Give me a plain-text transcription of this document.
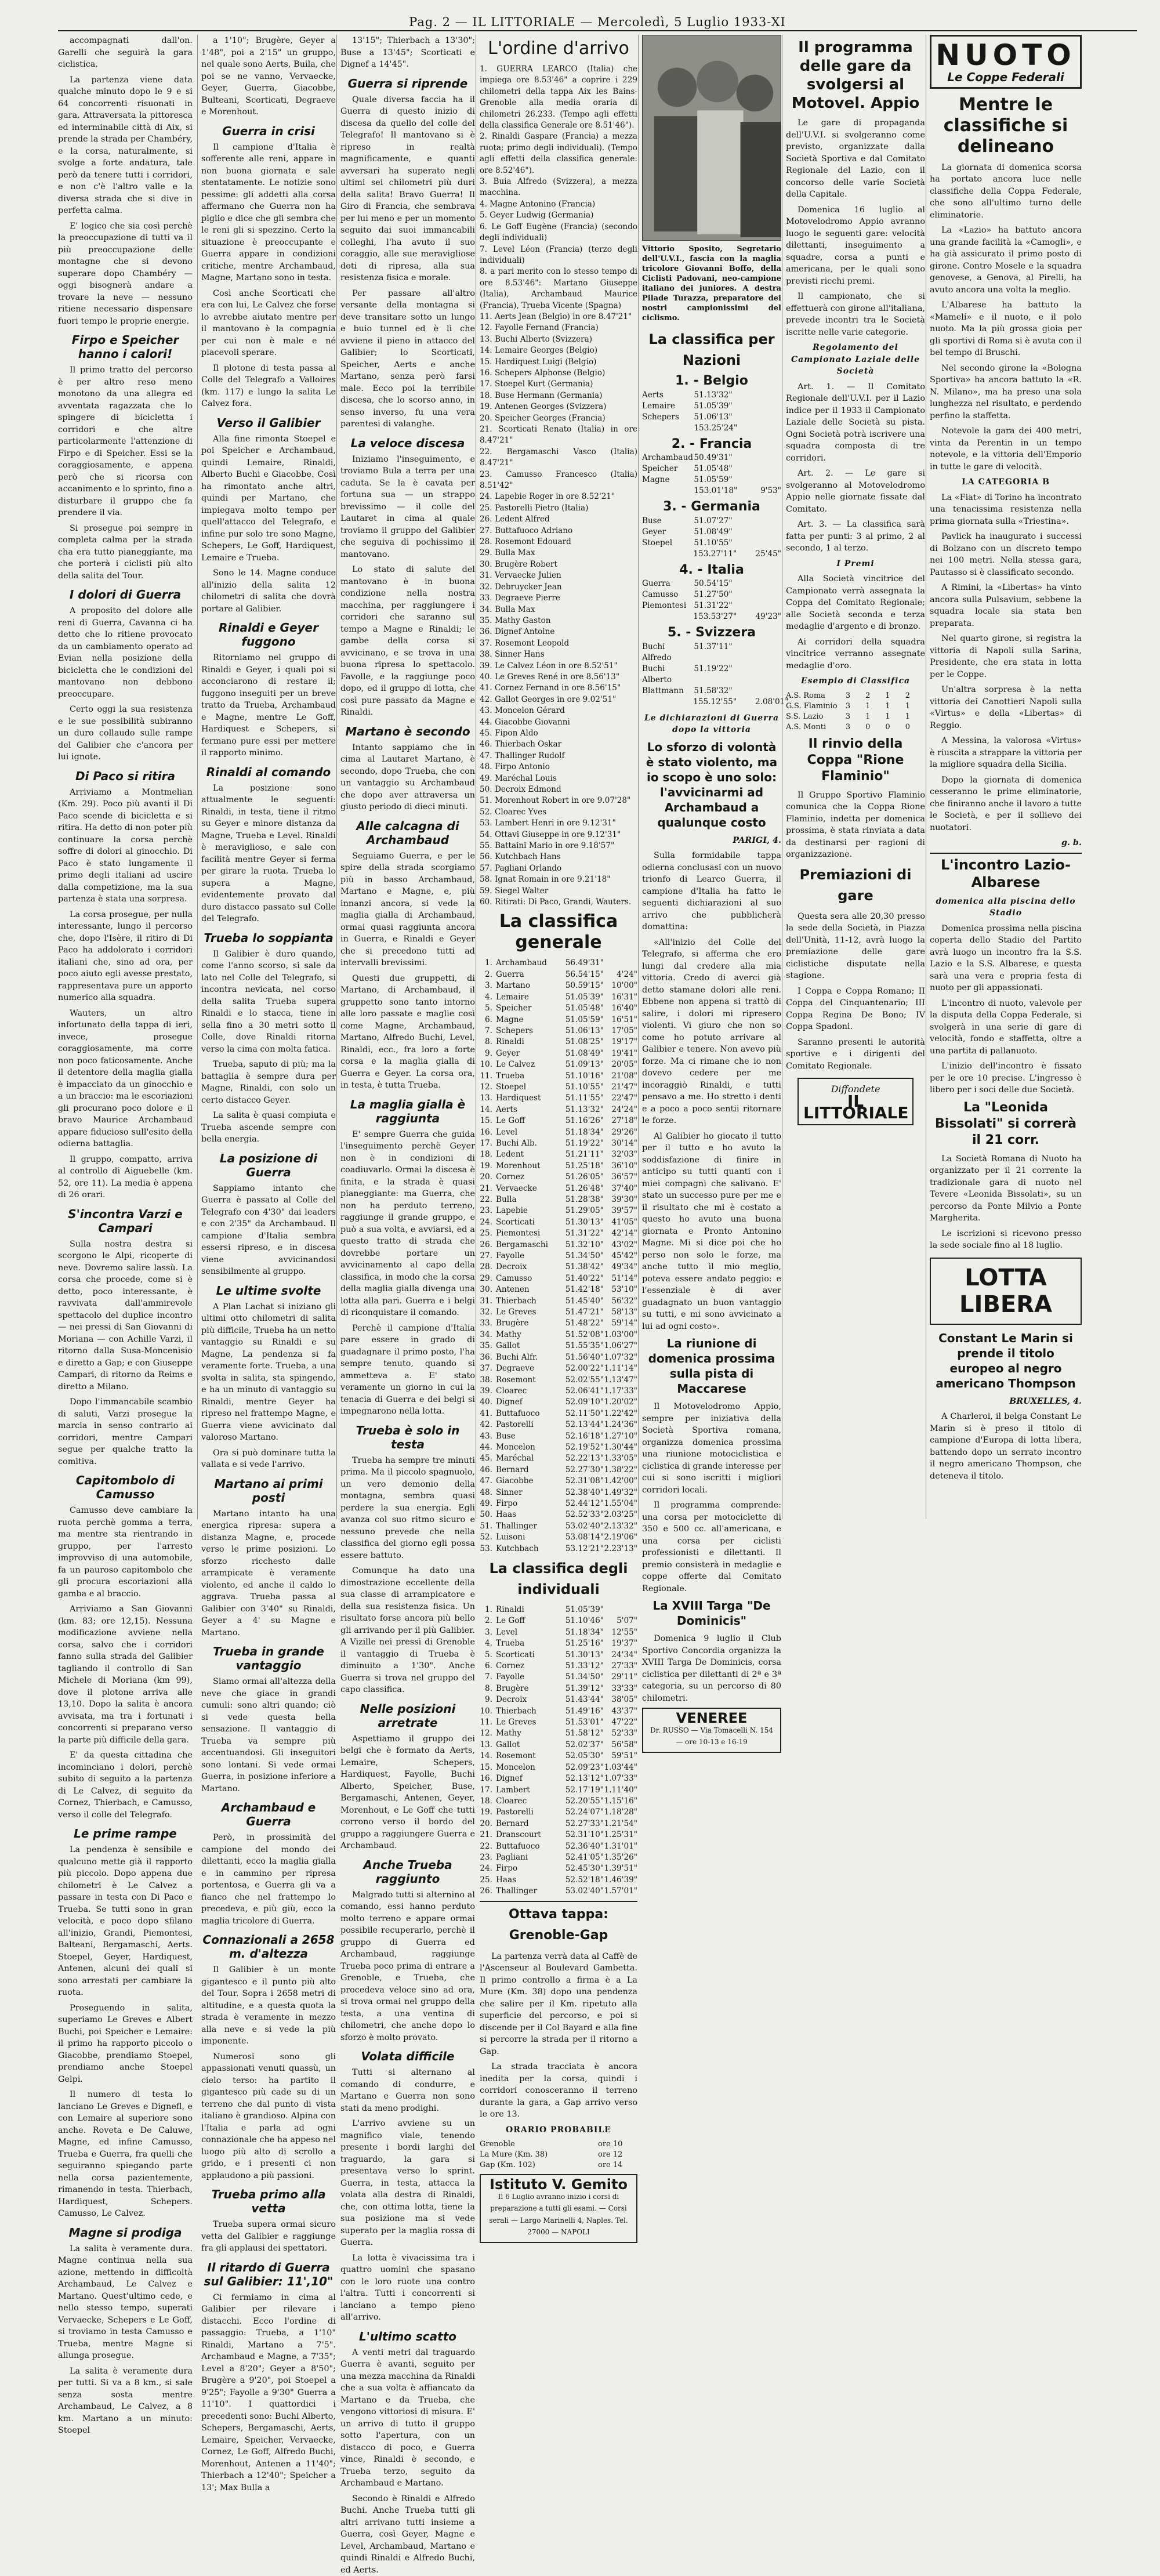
Pag. 2 — IL LITTORIALE — Mercoledì, 5 Luglio 1933-XI

accompagnati dall'on. Garelli che seguirà la gara ciclistica.

La partenza viene data qualche minuto dopo le 9 e si 64 concorrenti risuonati in gara. Attraversata la pittoresca ed interminabile città di Aix, si prende la strada per Chambéry, e la corsa, naturalmente, si svolge a forte andatura, tale però da tenere tutti i corridori, e non c'è l'altro valle e la diversa strada che si dive in perfetta calma.

E' logico che sia così perchè la preoccupazione di tutti va il più preoccupazione delle montagne che si devono superare dopo Chambéry — oggi bisognerà andare a trovare la neve — nessuno ritiene necessario dispensare fuori tempo le proprie energie.

Firpo e Speicher hanno i calori!

Il primo tratto del percorso è per altro reso meno monotono da una allegra ed avventata ragazzata che lo spingere di bicicletta i corridori e che altre particolarmente l'attenzione di Firpo e di Speicher. Essi se la coraggiosamente, e appena però che si ricorsa con accanimento e lo sprinto, fino a disturbare il gruppo che fa prendere il via.

Si prosegue poi sempre in completa calma per la strada cha era tutto pianeggiante, ma che porterà i ciclisti più alto della salita del Tour.

I dolori di Guerra

A proposito del dolore alle reni di Guerra, Cavanna ci ha detto che lo ritiene provocato da un cambiamento operato ad Evian nella posizione della bicicletta che le condizioni del mantovano non debbono preoccupare.

Certo oggi la sua resistenza e le sue possibilità subiranno un duro collaudo sulle rampe del Galibier che c'ancora per lui ignote.

Di Paco si ritira

Arriviamo a Montmelian (Km. 29). Poco più avanti il Di Paco scende di bicicletta e si ritira. Ha detto di non poter più continuare la corsa perchè soffre di dolori al ginocchio. Di Paco è stato lungamente il primo degli italiani ad uscire dalla competizione, ma la sua partenza è stata una sorpresa.

La corsa prosegue, per nulla interessante, lungo il percorso che, dopo l'Isère, il ritiro di Di Paco ha addolorato i corridori italiani che, sino ad ora, per poco aiuto egli avesse prestato, rappresentava pure un apporto numerico alla squadra.

Wauters, un altro infortunato della tappa di ieri, invece, prosegue coraggiosamente, ma corre non poco faticosamente. Anche il detentore della maglia gialla è impacciato da un ginocchio e a un braccio: ma le escoriazioni gli procurano poco dolore e il bravo Maurice Archambaud appare fiducioso sull'esito della odierna battaglia.

Il gruppo, compatto, arriva al controllo di Aiguebelle (km. 52, ore 11). La media è appena di 26 orari.

S'incontra Varzi e Campari

Sulla nostra destra si scorgono le Alpi, ricoperte di neve. Dovremo salire lassù. La corsa che procede, come si è detto, poco interessante, è ravvivata dall'ammirevole spettacolo del duplice incontro — nei pressi di San Giovanni di Moriana — con Achille Varzi, il ritorno dalla Susa-Moncenisio e diretto a Gap; e con Giuseppe Campari, di ritorno da Reims e diretto a Milano.

Dopo l'immancabile scambio di saluti, Varzi prosegue la marcia in senso contrario ai corridori, mentre Campari segue per qualche tratto la comitiva.

Capitombolo di Camusso

Camusso deve cambiare la ruota perchè gomma a terra, ma mentre sta rientrando in gruppo, per l'arresto improvviso di una automobile, fa un pauroso capitombolo che gli procura escoriazioni alla gamba e al braccio.

Arriviamo a San Giovanni (km. 83; ore 12,15). Nessuna modificazione avviene nella corsa, salvo che i corridori fanno sulla strada del Galibier tagliando il controllo di San Michele di Moriana (km 99), dove il plotone arriva alle 13,10. Dopo la salita è ancora avvisata, ma tra i fortunati i concorrenti si preparano verso la parte più difficile della gara.

E' da questa cittadina che incominciano i dolori, perchè subito di seguito a la partenza di Le Calvez, di seguito da Cornez, Thierbach, e Camusso, verso il colle del Telegrafo.

Le prime rampe

La pendenza è sensibile e qualcuno mette già il rapporto più piccolo. Dopo appena due chilometri è Le Calvez a passare in testa con Di Paco e Trueba. Se tutti sono in gran velocità, e poco dopo sfilano all'inizio, Grandi, Piemontesi, Balteani, Bergamaschi, Aerts. Stoepel, Geyer, Hardiquest, Antenen, alcuni dei quali si sono arrestati per cambiare la ruota.

Proseguendo in salita, superiamo Le Greves e Albert Buchi, poi Speicher e Lemaire: il primo ha rapporto piccolo o Giacobbe, prendiamo Stoepel, prendiamo anche Stoepel Gelpi.

Il numero di testa lo lanciano Le Greves e Dignefl, e con Lemaire al superiore sono anche. Roveta e De Caluwe, Magne, ed infine Camusso, Trueba e Guerra, fra quelli che seguiranno spiegando parte nella corsa pazientemente, rimanendo in testa. Thierbach, Hardiquest, Schepers. Camusso, Le Calvez.

Magne si prodiga

La salita è veramente dura. Magne continua nella sua azione, mettendo in difficoltà Archambaud, Le Calvez e Martano. Quest'ultimo cede, e nello stesso tempo, superati Vervaecke, Schepers e Le Goff, si troviamo in testa Camusso e Trueba, mentre Magne si allunga prosegue.

La salita è veramente dura per tutti. Si va a 8 km., si sale senza sosta mentre Archambaud, Le Calvez, a 8 km. Martano a un minuto: Stoepel

a 1'10"; Brugère, Geyer a 1'48", poi a 2'15" un gruppo, nel quale sono Aerts, Buila, che poi se ne vanno, Vervaecke, Geyer, Guerra, Giacobbe, Bulteani, Scorticati, Degraeve e Morenhout.

Guerra in crisi

Il campione d'Italia è sofferente alle reni, appare in non buona giornata e sale stentatamente. Le notizie sono pessime: gli addetti alla corsa affermano che Guerra non ha piglio e dice che gli sembra che le reni gli si spezzino. Certo la situazione è preoccupante e Guerra appare in condizioni critiche, mentre Archambaud, Magne, Martano sono in testa.

Così anche Scorticati che era con lui, Le Calvez che forse lo avrebbe aiutato mentre per il mantovano è la compagnia per cui non è male e né piacevoli sperare.

Il plotone di testa passa al Colle del Telegrafo a Valloires (km. 117) e lungo la salita Le Calvez fora.

Verso il Galibier

Alla fine rimonta Stoepel e poi Speicher e Archambaud, quindi Lemaire, Rinaldi, Alberto Buchi e Giacobbe. Così ha rimontato anche altri, quindi per Martano, che impiegava molto tempo per quell'attacco del Telegrafo, e infine pur solo tre sono Magne, Schepers, Le Goff, Hardiquest, Lemaire e Trueba.

Sono le 14. Magne conduce all'inizio della salita 12 chilometri di salita che dovrà portare al Galibier.

Rinaldi e Geyer fuggono

Ritorniamo nel gruppo di Rinaldi e Geyer, i quali poi si acconciarono di restare il; fuggono inseguiti per un breve tratto da Trueba, Archambaud e Magne, mentre Le Goff, Hardiquest e Schepers, si fermano pure essi per mettere il rapporto minimo.

Rinaldi al comando

La posizione sono attualmente le seguenti: Rinaldi, in testa, tiene il ritmo su Geyer e minore distanza da Magne, Trueba e Level. Rinaldi è meraviglioso, e sale con facilità mentre Geyer si ferma per girare la ruota. Trueba lo supera a Magne, evidentemente provato dal duro distacco passato sul Colle del Telegrafo.

Trueba lo soppianta

Il Galibier è duro quando, come l'anno scorso, si sale da lato nel Colle del Telegrafo, si incontra nevicata, nel corso della salita Trueba supera Rinaldi e lo stacca, tiene in sella fino a 30 metri sotto il Colle, dove Rinaldi ritorna verso la cima con molta fatica.

Trueba, saputo di più; ma la battaglia è sempre dura per Magne, Rinaldi, con solo un certo distacco Geyer.

La salita è quasi compiuta e Trueba ascende sempre con bella energia.

La posizione di Guerra

Sappiamo intanto che Guerra è passato al Colle del Telegrafo con 4'30" dai leaders e con 2'35" da Archambaud. Il campione d'Italia sembra essersi ripreso, e in discesa viene avvicinandosi sensibilmente al gruppo.

Le ultime svolte

A Plan Lachat si iniziano gli ultimi otto chilometri di salita più difficile, Trueba ha un netto vantaggio su Rinaldi e su Magne, La pendenza si fa veramente forte. Trueba, a una svolta in salita, sta spingendo, e ha un minuto di vantaggio su Rinaldi, mentre Geyer ha ripreso nel frattempo Magne, e Guerra viene avvicinato dal valoroso Martano.

Ora si può dominare tutta la vallata e si vede l'arrivo.

Martano ai primi posti

Martano intanto ha una energica ripresa: supera a distanza Magne, e, procede verso le prime posizioni. Lo sforzo ricchesto dalle arrampicate è veramente violento, ed anche il caldo lo aggrava. Trueba passa al Galibier con 3'40" su Rinaldi, Geyer a 4' su Magne e Martano.

Trueba in grande vantaggio

Siamo ormai all'altezza della neve che giace in grandi cumuli: sono altri quando; ciò si vede questa bella sensazione. Il vantaggio di Trueba va sempre più accentuandosi. Gli inseguitori sono lontani. Si vede ormai Guerra, in posizione inferiore a Martano.

Archambaud e Guerra

Però, in prossimità del campione del mondo dei dilettanti, ecco la maglia gialla e in cammino per ripresa portentosa, e Guerra gli va a fianco che nel frattempo lo precedeva, e più giù, ecco la maglia tricolore di Guerra.

Connazionali a 2658 m. d'altezza

Il Galibier è un monte gigantesco e il punto più alto del Tour. Sopra i 2658 metri di altitudine, e a questa quota la strada è veramente in mezzo alla neve e si vede la più imponente.

Numerosi sono gli appassionati venuti quassù, un cielo terso: ha partito il gigantesco più cade su di un terreno che dal punto di vista italiano è grandioso. Alpina con l'Italia e parla ad ogni connazionale che ha appeso nel luogo più alto di scrollo a grido, e i presenti ci non applaudono a più passioni.

Trueba primo alla vetta

Trueba supera ormai sicuro vetta del Galibier e raggiunge fra gli applausi dei spettatori.

Il ritardo di Guerra sul Galibier: 11',10"

Ci fermiamo in cima al Galibier per rilevare i distacchi. Ecco l'ordine di passaggio: Trueba, a 1'10" Rinaldi, Martano a 7'5". Archambaud e Magne, a 7'35"; Level a 8'20"; Geyer a 8'50"; Brugère a 9'20", poi Stoepel a 9'25"; Fayolle a 9'30" Guerra a 11'10". I quattordici i precedenti sono: Buchi Alberto, Schepers, Bergamaschi, Aerts, Lemaire, Speicher, Vervaecke, Cornez, Le Goff, Alfredo Buchi, Morenhout, Antenen a 11'40"; Thierbach a 12'40"; Speicher a 13'; Max Bulla a

13'15"; Thierbach a 13'30"; Buse a 13'45"; Scorticati e Dignef a 14'45".

Guerra si riprende

Quale diversa faccia ha il Guerra di questo inizio di discesa da quello del colle del Telegrafo! Il mantovano si è ripreso in realtà magnificamente, e quanti avversari ha superato negli ultimi sei chilometri più duri della salita! Bravo Guerra! Il Giro di Francia, che sembrava per lui meno e per un momento seguito dai suoi immancabili colleghi, l'ha avuto il suo coraggio, alle sue meravigliose doti di ripresa, alla sua resistenza fisica e morale.

Per passare all'altro versante della montagna si deve transitare sotto un lungo e buio tunnel ed è lì che avviene il pieno in attacco del Galibier; lo Scorticati, Speicher, Aerts e anche Martano, senza però farsi male. Ecco poi la terribile discesa, che lo scorso anno, in senso inverso, fu una vera parentesi di valanghe.

La veloce discesa

Iniziamo l'inseguimento, e troviamo Bula a terra per una caduta. Se la è cavata per fortuna sua — un strappo brevissimo — il colle del Lautaret in cima al quale troviamo il gruppo del Galibier che seguiva di pochissimo il mantovano.

Lo stato di salute del mantovano è in buona condizione nella nostra macchina, per raggiungere i corridori che saranno sul tempo a Magne e Rinaldi; le gambe della corsa si avvicinano, e se trova in una buona ripresa lo spettacolo. Favolle, e la raggiunge poco dopo, ed il gruppo di lotta, che così pure passato da Magne e Rinaldi.

Martano è secondo

Intanto sappiamo che in cima al Lautaret Martano, è secondo, dopo Trueba, che con un vantaggio su Archambaud che dopo aver attraversa un giusto periodo di dieci minuti.

Alle calcagna di Archambaud

Seguiamo Guerra, e per le spire della strada scorgiamo più in basso Archambaud, Martano e Magne, e, più innanzi ancora, si vede la maglia gialla di Archambaud, ormai quasi raggiunta ancora in Guerra, e Rinaldi e Geyer che si precedono tutti ad intervalli brevissimi.

Questi due gruppetti, di Martano, di Archambaud, il gruppetto sono tanto intorno alle loro passate e maglie così come Magne, Archambaud, Martano, Alfredo Buchi, Level, Rinaldi, ecc., fra loro a forte corsa e la maglia gialla di Guerra e Geyer. La corsa ora, in testa, è tutta Trueba.

La maglia gialla è raggiunta

E' sempre Guerra che guida l'inseguimento perchè Geyer non è in condizioni di coadiuvarlo. Ormai la discesa è finita, e la strada è quasi pianeggiante: ma Guerra, che non ha perduto terreno, raggiunge il grande gruppo, e può a sua volta, e avviarsi, ed a questo tratto di strada che dovrebbe portare un avvicinamento al capo della classifica, in modo che la corsa della maglia gialla divenga una lotta alla pari. Guerra e i belgi di riconquistare il comando.

Perchè il campione d'Italia pare essere in grado di guadagnare il primo posto, l'ha sempre tenuto, quando si ammetteva a. E' stato veramente un giorno in cui la tenacia di Guerra e dei belgi si impegnarono nella lotta.

Trueba è solo in testa

Trueba ha sempre tre minuti prima. Ma il piccolo spagnuolo, un vero demonio della montagna, sembra quasi perdere la sua energia. Egli avanza col suo ritmo sicuro e nessuno prevede che nella classifica del giorno egli possa essere battuto.

Comunque ha dato una dimostrazione eccellente della sua classe di arrampicatore e della sua resistenza fisica. Un risultato forse ancora più bello gli arrivando per il più Galibier. A Vizille nei pressi di Grenoble il vantaggio di Trueba è diminuito a 1'30". Anche Guerra si trova nel gruppo del capo classifica.

Nelle posizioni arretrate

Aspettiamo il gruppo dei belgi che è formato da Aerts, Lemaire, Schepers, Hardiquest, Fayolle, Buchi Alberto, Speicher, Buse, Bergamaschi, Antenen, Geyer, Morenhout, e Le Goff che tutti corrono verso il bordo del gruppo a raggiungere Guerra e Archambaud.

Anche Trueba raggiunto

Malgrado tutti si alternino al comando, essi hanno perduto molto terreno e appare ormai possibile recuperarlo, perchè il gruppo di Guerra ed Archambaud, raggiunge Trueba poco prima di entrare a Grenoble, e Trueba, che procedeva veloce sino ad ora, si trova ormai nel gruppo della testa, a una ventina di chilometri, che anche dopo lo sforzo è molto provato.

Volata difficile

Tutti si alternano al comando di condurre, e Martano e Guerra non sono stati da meno prodighi.

L'arrivo avviene su un magnifico viale, tenendo presente i bordi larghi del traguardo, la gara si presentava verso lo sprint. Guerra, in testa, attacca la volata alla destra di Rinaldi, che, con ottima lotta, tiene la sua posizione ma si vede superato per la maglia rossa di Guerra.

La lotta è vivacissima tra i quattro uomini che spasano con le loro ruote una contro l'altra. Tutti i concorrenti si lanciano a tempo pieno all'arrivo.

L'ultimo scatto

A venti metri dal traguardo Guerra è avanti, seguito per una mezza macchina da Rinaldi che a sua volta è affiancato da Martano e da Trueba, che vengono vittoriosi di misura. E' un arrivo di tutto il gruppo sotto l'apertura, con un distacco di poco, e Guerra vince, Rinaldi è secondo, e Trueba terzo, seguito da Archambaud e Martano.

Secondo è Rinaldi e Alfredo Buchi. Anche Trueba tutti gli altri arrivano tutti insieme a Guerra, così Geyer, Magne e Level, Archambaud, Martano e quindi Rinaldi e Alfredo Buchi, ed Aerts.

L'ordine d'arrivo
1. GUERRA LEARCO (Italia) che impiega ore 8.53'46" a coprire i 229 chilometri della tappa Aix les Bains-Grenoble alla media oraria di chilometri 26.233. (Tempo agli effetti della classifica Generale ore 8.51'46").
2. Rinaldi Gaspare (Francia) a mezza ruota; primo degli individuali). (Tempo agli effetti della classifica generale: ore 8.52'46").
3. Buia Alfredo (Svizzera), a mezza macchina.
4. Magne Antonino (Francia)
5. Geyer Ludwig (Germania)
6. Le Goff Eugène (Francia) (secondo degli individuali)
7. Level Léon (Francia) (terzo degli individuali)
8. a pari merito con lo stesso tempo di ore 8.53'46": Martano Giuseppe (Italia), Archambaud Maurice (Francia), Trueba Vicente (Spagna)
11. Aerts Jean (Belgio) in ore 8.47'21"
12. Fayolle Fernand (Francia)
13. Buchi Alberto (Svizzera)
14. Lemaire Georges (Belgio)
15. Hardiquest Luigi (Belgio)
16. Schepers Alphonse (Belgio)
17. Stoepel Kurt (Germania)
18. Buse Hermann (Germania)
19. Antenen Georges (Svizzera)
20. Speicher Georges (Francia)
21. Scorticati Renato (Italia) in ore 8.47'21"
22. Bergamaschi Vasco (Italia) 8.47'21"
23. Camusso Francesco (Italia) 8.51'42"
24. Lapebie Roger in ore 8.52'21"
25. Pastorelli Pietro (Italia)
26. Ledent Alfred
27. Buttafuoco Adriano
28. Rosemont Edouard
29. Bulla Max
30. Brugère Robert
31. Vervaecke Julien
32. Debruycker Jean
33. Degraeve Pierre
34. Bulla Max
35. Mathy Gaston
36. Dignef Antoine
37. Rosemont Leopold
38. Sinner Hans
39. Le Calvez Léon in ore 8.52'51"
40. Le Greves René in ore 8.56'13"
41. Cornez Fernand in ore 8.56'15"
42. Gallot Georges in ore 9.02'51"
43. Moncelon Gérard
44. Giacobbe Giovanni
45. Fipon Aldo
46. Thierbach Oskar
47. Thallinger Rudolf
48. Firpo Antonio
49. Maréchal Louis
50. Decroix Edmond
51. Morenhout Robert in ore 9.07'28"
52. Cloarec Yves
53. Lambert Henri in ore 9.12'31"
54. Ottavi Giuseppe in ore 9.12'31"
55. Battaini Mario in ore 9.18'57"
56. Kutchbach Hans
57. Pagliani Orlando
58. Ignat Romain in ore 9.21'18"
59. Siegel Walter
60. Ritirati: Di Paco, Grandi, Wauters.
La classifica generale
1. Archambaud	56.49'31"
2. Guerra	56.54'15"	4'24"
3. Martano	50.59'15" 10'00"
4. Lemaire	51.05'39" 16'31"
5. Speicher	51.05'48" 16'40"
6. Magne	51.05'59" 16'51"
7. Schepers	51.06'13" 17'05"
8. Rinaldi	51.08'25" 19'17"
9. Geyer	51.08'49" 19'41"
10. Le Calvez	51.09'13" 20'05"
11. Trueba	51.10'16" 21'08"
12. Stoepel	51.10'55" 21'47"
13. Hardiquest	51.11'55" 22'47"
14. Aerts	51.13'32" 24'24"
15. Le Goff	51.16'26" 27'18"
16. Level	51.18'34" 29'26"
17. Buchi Alb.	51.19'22" 30'14"
18. Ledent	51.21'11" 32'03"
19. Morenhout	51.25'18" 36'10"
20. Cornez	51.26'05" 36'57"
21. Vervaecke	51.26'48" 37'40"
22. Bulla	51.28'38" 39'30"
23. Lapebie	51.29'05" 39'57"
24. Scorticati	51.30'13" 41'05"
25. Piemontesi	51.31'22" 42'14"
26. Bergamaschi	51.32'10" 43'02"
27. Fayolle	51.34'50" 45'42"
28. Decroix	51.38'42" 49'34"
29. Camusso	51.40'22" 51'14"
30. Antenen	51.42'18" 53'10"
31. Thierbach	51.45'40" 56'32"
32. Le Greves	51.47'21" 58'13"
33. Brugère	51.48'22" 59'14"
34. Mathy	51.52'08" 1.03'00"
35. Gallot	51.55'35" 1.06'27"
36. Buchi Alfr.	51.56'40" 1.07'32"
37. Degraeve	52.00'22" 1.11'14"
38. Rosemont	52.02'55" 1.13'47"
39. Cloarec	52.06'41" 1.17'33"
40. Dignef	52.09'10" 1.20'02"
41. Buttafuoco	52.11'50" 1.22'42"
42. Pastorelli	52.13'44" 1.24'36"
43. Buse	52.16'18" 1.27'10"
44. Moncelon	52.19'52" 1.30'44"
45. Maréchal	52.22'13" 1.33'05"
46. Bernard	52.27'30" 1.38'22"
47. Giacobbe	52.31'08" 1.42'00"
48. Sinner	52.38'40" 1.49'32"
49. Firpo	52.44'12" 1.55'04"
50. Haas	52.52'33" 2.03'25"
51. Thallinger	53.02'40" 2.13'32"
52. Luisoni	53.08'14" 2.19'06"
53. Kutchbach	53.12'21" 2.23'13"
La classifica degli individuali
1. Rinaldi	51.05'39"
2. Le Goff	51.10'46"	5'07"
3. Level	51.18'34" 12'55"
4. Trueba	51.25'16" 19'37"
5. Scorticati	51.30'13" 24'34"
6. Cornez	51.33'12" 27'33"
7. Fayolle	51.34'50" 29'11"
8. Brugère	51.39'12" 33'33"
9. Decroix	51.43'44" 38'05"
10. Thierbach	51.49'16" 43'37"
11. Le Greves	51.53'01" 47'22"
12. Mathy	51.58'12" 52'33"
13. Gallot	52.02'37" 56'58"
14. Rosemont	52.05'30" 59'51"
15. Moncelon	52.09'23" 1.03'44"
16. Dignef	52.13'12" 1.07'33"
17. Lambert	52.17'19" 1.11'40"
18. Cloarec	52.20'55" 1.15'16"
19. Pastorelli	52.24'07" 1.18'28"
20. Bernard	52.27'33" 1.21'54"
21. Dranscourt	52.31'10" 1.25'31"
22. Buttafuoco	52.36'40" 1.31'01"
23. Pagliani	52.41'05" 1.35'26"
24. Firpo	52.45'30" 1.39'51"
25. Haas	52.52'18" 1.46'39"
26. Thallinger	53.02'40" 1.57'01"
Ottava tappa: Grenoble-Gap

La partenza verrà data al Caffè de l'Ascenseur al Boulevard Gambetta. Il primo controllo a firma è a La Mure (Km. 38) dopo una pendenza che salire per il Km. ripetuto alla superficie del percorso, e poi si discende per il Col Bayard e alla fine si percorre la strada per il ritorno a Gap.

La strada tracciata è ancora inedita per la corsa, quindi i corridori conosceranno il terreno durante la gara, a Gap arrivo verso le ore 13.

ORARIO PROBABILE
Grenoble	ore 10
La Mure (Km. 38)	ore 12
Gap (Km. 102)	ore 14
Istituto V. Gemito
Il 6 Luglio avranno inizio i corsi di preparazione a tutti gli esami. — Corsi serali — Largo Marinelli 4, Naples. Tel. 27000 — NAPOLI
Vittorio Sposito, Segretario dell'U.V.I., fascia con la maglia tricolore Giovanni Boffo, della Ciclisti Padovani, neo-campione italiano dei juniores. A destra Pilade Turazza, preparatore dei nostri campionissimi del ciclismo.
La classifica per Nazioni
1. - Belgio
Aerts	51.13'32"
Lemaire	51.05'39"
Schepers	51.06'13"
153.25'24"
2. - Francia
Archambaud 50.49'31"
Speicher	51.05'48"
Magne	51.05'59"
153.01'18"	9'53"
3. - Germania
Buse	51.07'27"
Geyer	51.08'49"
Stoepel	51.10'55"
153.27'11"	25'45"
4. - Italia
Guerra	50.54'15"
Camusso	51.27'50"
Piemontesi 51.31'22"
153.53'27"	49'23"
5. - Svizzera
Buchi Alfredo
51.37'11"
Buchi Alberto
51.19'22"
Blattmann	51.58'32"
155.12'55"	2.08'01"
Le dichiarazioni di Guerra dopo la vittoria
Lo sforzo di volontà è stato violento, ma io scopo è uno solo: l'avvicinarmi ad Archambaud a qualunque costo
PARIGI, 4.

Sulla formidabile tappa odierna conclusasi con un nuovo trionfo di Learco Guerra, il campione d'Italia ha fatto le seguenti dichiarazioni al suo arrivo che pubblicherà domattina:

«All'inizio del Colle del Telegrafo, si afferma che ero lungi dal credere alla mia vittoria. Credo di averci già detto stamane dolori alle reni. Ebbene non appena si trattò di salire, i dolori mi ripresero violenti. Vi giuro che non so come ho potuto arrivare al Galibier e tenere. Non avevo più forze. Ma ci rimane che io non dovevo cedere per me incoraggiò Rinaldi, e tutti pensavo a me. Ho stretto i denti e a poco a poco sentii ritornare le forze.

Al Galibier ho giocato il tutto per il tutto e ho avuto la soddisfazione di finire in anticipo su tutti quanti con i miei compagni che salivano. E' stato un successo pure per me e il risultato che mi è costato a questo ho avuto una buona giornata e Pronto Antonino Magne. Mi si dice poi che ho perso non solo le forze, ma anche tutto il mio meglio, poteva essere andato peggio: e l'essenziale è di aver guadagnato un buon vantaggio su tutti, e mi sono avvicinato a lui ad ogni costo».

La riunione di domenica prossima sulla pista di Maccarese

Il Motovelodromo Appio, sempre per iniziativa della Società Sportiva romana, organizza domenica prossima una riunione motociclistica e ciclistica di grande interesse per cui si sono iscritti i migliori corridori locali.

Il programma comprende: una corsa per motociclette di 350 e 500 cc. all'americana, e una corsa per ciclisti professionisti e dilettanti. Il premio consisterà in medaglie e coppe offerte dal Comitato Regionale.

La XVIII Targa "De Dominicis"

Domenica 9 luglio il Club Sportivo Concordia organizza la XVIII Targa De Dominicis, corsa ciclistica per dilettanti di 2ª e 3ª categoria, su un percorso di 80 chilometri.

VENEREE
Dr. RUSSO — Via Tomacelli N. 154 — ore 10-13 e 16-19
Il programma delle gare da svolgersi al Motovel. Appio

Le gare di propaganda dell'U.V.I. si svolgeranno come previsto, organizzate dalla Società Sportiva e dal Comitato Regionale del Lazio, con il concorso delle varie Società della Capitale.

Domenica 16 luglio al Motovelodromo Appio avranno luogo le seguenti gare: velocità dilettanti, inseguimento a squadre, corsa a punti e americana, per le quali sono previsti ricchi premi.

Il campionato, che si effettuerà con girone all'italiana, prevede incontri tra le Società iscritte nelle varie categorie.

Regolamento del Campionato Laziale delle Società

Art. 1. — Il Comitato Regionale dell'U.V.I. per il Lazio indice per il 1933 il Campionato Laziale delle Società su pista. Ogni Società potrà iscrivere una squadra composta di tre corridori.

Art. 2. — Le gare si svolgeranno al Motovelodromo Appio nelle giornate fissate dal Comitato.

Art. 3. — La classifica sarà fatta per punti: 3 al primo, 2 al secondo, 1 al terzo.

I Premi

Alla Società vincitrice del Campionato verrà assegnata la Coppa del Comitato Regionale; alle Società seconda e terza medaglie d'argento e di bronzo.

Ai corridori della squadra vincitrice verranno assegnate medaglie d'oro.

Esempio di Classifica
A.S. Roma	3	2	1	2
G.S. Flaminio	3	1	1	1
S.S. Lazio	3	1	1	1
A.S. Monti	3	0	0	0
Il rinvio della Coppa "Rione Flaminio"

Il Gruppo Sportivo Flaminio comunica che la Coppa Rione Flaminio, indetta per domenica prossima, è stata rinviata a data da destinarsi per ragioni di organizzazione.

Premiazioni di gare

Questa sera alle 20,30 presso la sede della Società, in Piazza dell'Unità, 11-12, avrà luogo la premiazione delle gare ciclistiche disputate nella stagione.

I Coppa e Coppa Romano; II Coppa del Cinquantenario; III Coppa Regina De Bono; IV Coppa Spadoni.

Saranno presenti le autorità sportive e i dirigenti del Comitato Regionale.

Diffondete
IL LITTORIALE
NUOTO
Le Coppe Federali
Mentre le classifiche si delineano

La giornata di domenica scorsa ha portato ancora luce nelle classifiche della Coppa Federale, che sono all'ultimo turno delle eliminatorie.

La «Lazio» ha battuto ancora una grande facilità la «Camogli», e ha già assicurato il primo posto di girone. Contro Mosele e la squadra genovese, a Genova, al Pirelli, ha avuto ancora una volta la meglio.

L'Albarese ha battuto la «Mamelí» e il nuoto, e il polo nuoto. Ma la più grossa gioia per gli sportivi di Roma si è avuta con il bel tempo di Bruschi.

Nel secondo girone la «Bologna Sportiva» ha ancora battuto la «R. N. Milano», ma ha preso una sola lunghezza nel risultato, e perdendo perfino la staffetta.

Notevole la gara dei 400 metri, vinta da Perentin in un tempo notevole, e la vittoria dell'Emporio in tutte le gare di velocità.

LA CATEGORIA B

La «Fiat» di Torino ha incontrato una tenacissima resistenza nella prima giornata sulla «Triestina».

Pavlick ha inaugurato i successi di Bolzano con un discreto tempo nei 100 metri. Nella stessa gara, Pautasso si è classificato secondo.

A Rimini, la «Libertas» ha vinto ancora sulla Pulsavium, sebbene la squadra locale sia stata ben preparata.

Nel quarto girone, si registra la vittoria di Napoli sulla Sarina, Presidente, che era stata in lotta per le Coppe.

Un'altra sorpresa è la netta vittoria dei Canottieri Napoli sulla «Virtus» e della «Libertas» di Reggio.

A Messina, la valorosa «Virtus» è riuscita a strappare la vittoria per la migliore squadra della Sicilia.

Dopo la giornata di domenica cesseranno le prime eliminatorie, che finiranno anche il lavoro a tutte le Società, e per il sollievo dei nuotatori.

g. b.
L'incontro Lazio-Albarese
domenica alla piscina dello Stadio

Domenica prossima nella piscina coperta dello Stadio del Partito avrà luogo un incontro fra la S.S. Lazio e la S.S. Albarese, e questa sarà una vera e propria festa di nuoto per gli appassionati.

L'incontro di nuoto, valevole per la disputa della Coppa Federale, si svolgerà in una serie di gare di velocità, fondo e staffetta, oltre a una partita di pallanuoto.

L'inizio dell'incontro è fissato per le ore 10 precise. L'ingresso è libero per i soci delle due Società.

La "Leonida Bissolati" si correrà il 21 corr.

La Società Romana di Nuoto ha organizzato per il 21 corrente la tradizionale gara di nuoto nel Tevere «Leonida Bissolati», su un percorso da Ponte Milvio a Ponte Margherita.

Le iscrizioni si ricevono presso la sede sociale fino al 18 luglio.

LOTTA LIBERA
Constant Le Marin si prende il titolo europeo al negro americano Thompson
BRUXELLES, 4.

A Charleroi, il belga Constant Le Marin si è preso il titolo di campione d'Europa di lotta libera, battendo dopo un serrato incontro il negro americano Thompson, che deteneva il titolo.
